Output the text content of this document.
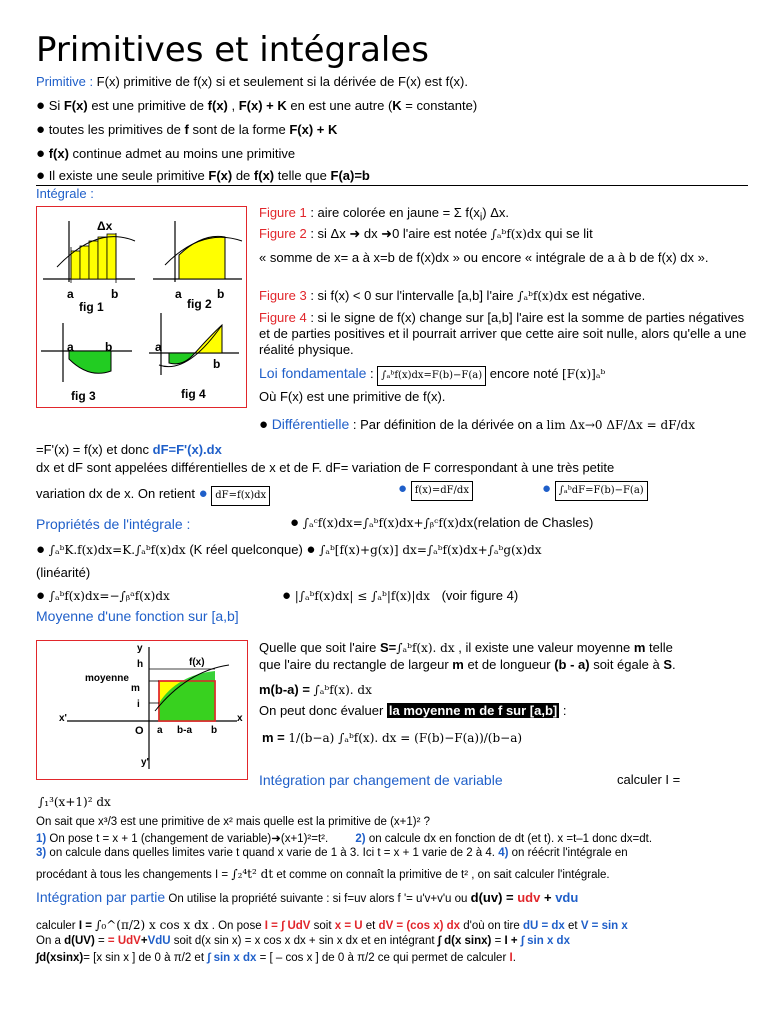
Primitives et intégrales
Primitive : F(x) primitive de f(x) si et seulement si la dérivée de F(x) est f(x).
● Si F(x) est une primitive de f(x) , F(x) + K en est une autre (K = constante)
● toutes les primitives de f sont de la forme F(x) + K
● f(x) continue admet au moins une primitive
● Il existe une seule primitive F(x) de f(x) telle que F(a)=b
Intégrale :
Δx
a	b
fig 1
a	b
fig 2
a	b
fig 3
a
b
fig 4
Figure 1 : aire colorée en jaune = Σ $f(x_i)$ Δx.
Figure 2 : si Δx ➜ dx ➜0 l'aire est notée ∫ₐᵇf(x)dx qui se lit
« somme de x= a à x=b de f(x)dx » ou encore « intégrale de a à b de f(x) dx ».
Figure 3 : si f(x) < 0 sur l'intervalle [a,b] l'aire ∫ₐᵇf(x)dx est négative.
Figure 4 : si le signe de f(x) change sur [a,b] l'aire est la somme de parties négatives et de parties positives et il pourrait arriver que cette aire soit nulle, alors qu'elle a une réalité physique.
Loi fondamentale : ∫ₐᵇf(x)dx=F(b)−F(a) encore noté [F(x)]ₐᵇ
Où F(x) est une primitive de f(x).
● Différentielle : Par définition de la dérivée on a lim Δx→0 ΔF/Δx = dF/dx
=F'(x) = f(x) et donc dF=F'(x).dx
dx et dF sont appelées différentielles de x et de F. dF= variation de F correspondant à une très petite
variation dx de x. On retient ● dF=f(x)dx	● f(x)=dF/dx	● ∫ₐᵇdF=F(b)−F(a)
Propriétés de l'intégrale :	● ∫ₐᶜf(x)dx=∫ₐᵇf(x)dx+∫ᵦᶜf(x)dx(relation de Chasles)
● ∫ₐᵇK.f(x)dx=K.∫ₐᵇf(x)dx (K réel quelconque) ● ∫ₐᵇ[f(x)+g(x)] dx=∫ₐᵇf(x)dx+∫ₐᵇg(x)dx
(linéarité)
● ∫ₐᵇf(x)dx=−∫ᵦᵃf(x)dx	● |∫ₐᵇf(x)dx| ≤ ∫ₐᵇ|f(x)|dx (voir figure 4)
Moyenne d'une fonction sur [a,b]
y
h	f(x)
moyenne
m
i
x'	x
O a b-a b
y'
Quelle que soit l'aire S=∫ₐᵇf(x). dx , il existe une valeur moyenne m telle
que l'aire du rectangle de largeur m et de longueur (b - a) soit égale à S.
m(b-a) = ∫ₐᵇf(x). dx
On peut donc évaluer la moyenne m de f sur [a,b] :
m = 1/(b−a) ∫ₐᵇf(x). dx = (F(b)−F(a))/(b−a)
Intégration par changement de variable	calculer I =
∫₁³(x+1)² dx
On sait que x³/3 est une primitive de x² mais quelle est la primitive de (x+1)² ?
1) On pose t = x + 1 (changement de variable)➜(x+1)²=t². 2) on calcule dx en fonction de dt (et t). x =t–1 donc dx=dt.
3) on calcule dans quelles limites varie t quand x varie de 1 à 3. Ici t = x + 1 varie de 2 à 4. 4) on réécrit l'intégrale en
procédant à tous les changements I = ∫₂⁴t² dt et comme on connaît la primitive de t² , on sait calculer l'intégrale.
Intégration par partie On utilise la propriété suivante : si f=uv alors f '= u'v+v'u ou d(uv) = udv + vdu
calculer I = ∫₀^(π/2) x cos x dx . On pose I = ∫ UdV soit x = U et dV = (cos x) dx d'où on tire dU = dx et V = sin x
On a d(UV) = = UdV+VdU soit d(x sin x) = x cos x dx + sin x dx et en intégrant ∫ d(x sinx) = I + ∫ sin x dx
∫d(xsinx)= [x sin x ] de 0 à π/2 et ∫ sin x dx = [ – cos x ] de 0 à π/2 ce qui permet de calculer I.
